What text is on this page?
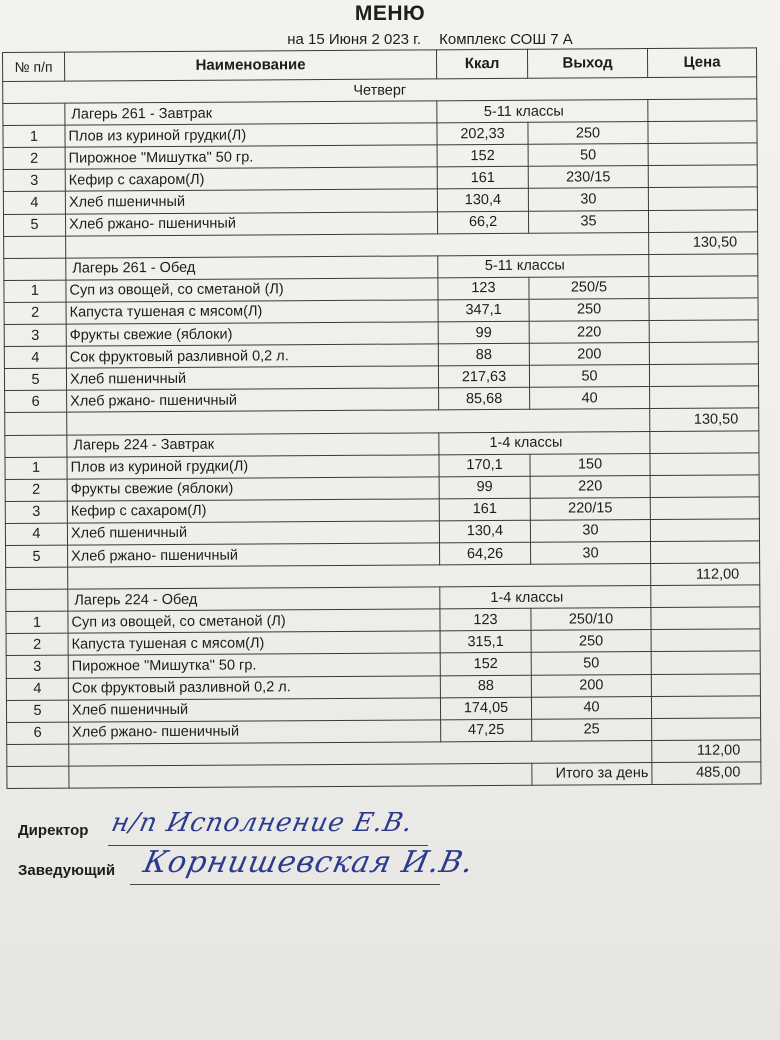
МЕНЮ
на 15 Июня 2 023 г. Комплекс СОШ 7 А
№ п/п	Наименование	Ккал	Выход	Цена
Четверг				
	Лагерь 261 - Завтрак	5-11 классы		
1	Плов из куриной грудки(Л)	202,33	250	
2	Пирожное "Мишутка" 50 гр.	152	50	
3	Кефир с сахаром(Л)	161	230/15	
4	Хлеб пшеничный	130,4	30	
5	Хлеб ржано- пшеничный	66,2	35	
				130,50
	Лагерь 261 - Обед	5-11 классы		
1	Суп из овощей, со сметаной (Л)	123	250/5	
2	Капуста тушеная с мясом(Л)	347,1	250	
3	Фрукты свежие (яблоки)	99	220	
4	Сок фруктовый разливной 0,2 л.	88	200	
5	Хлеб пшеничный	217,63	50	
6	Хлеб ржано- пшеничный	85,68	40	
				130,50
	Лагерь 224 - Завтрак	1-4 классы		
1	Плов из куриной грудки(Л)	170,1	150	
2	Фрукты свежие (яблоки)	99	220	
3	Кефир с сахаром(Л)	161	220/15	
4	Хлеб пшеничный	130,4	30	
5	Хлеб ржано- пшеничный	64,26	30	
				112,00
	Лагерь 224 - Обед	1-4 классы		
1	Суп из овощей, со сметаной (Л)	123	250/10	
2	Капуста тушеная с мясом(Л)	315,1	250	
3	Пирожное "Мишутка" 50 гр.	152	50	
4	Сок фруктовый разливной 0,2 л.	88	200	
5	Хлеб пшеничный	174,05	40	
6	Хлеб ржано- пшеничный	47,25	25	
				112,00
			Итого за день	485,00
Директор н/п Исполнение Е.В.
Заведующий Корнишевская И.В.
